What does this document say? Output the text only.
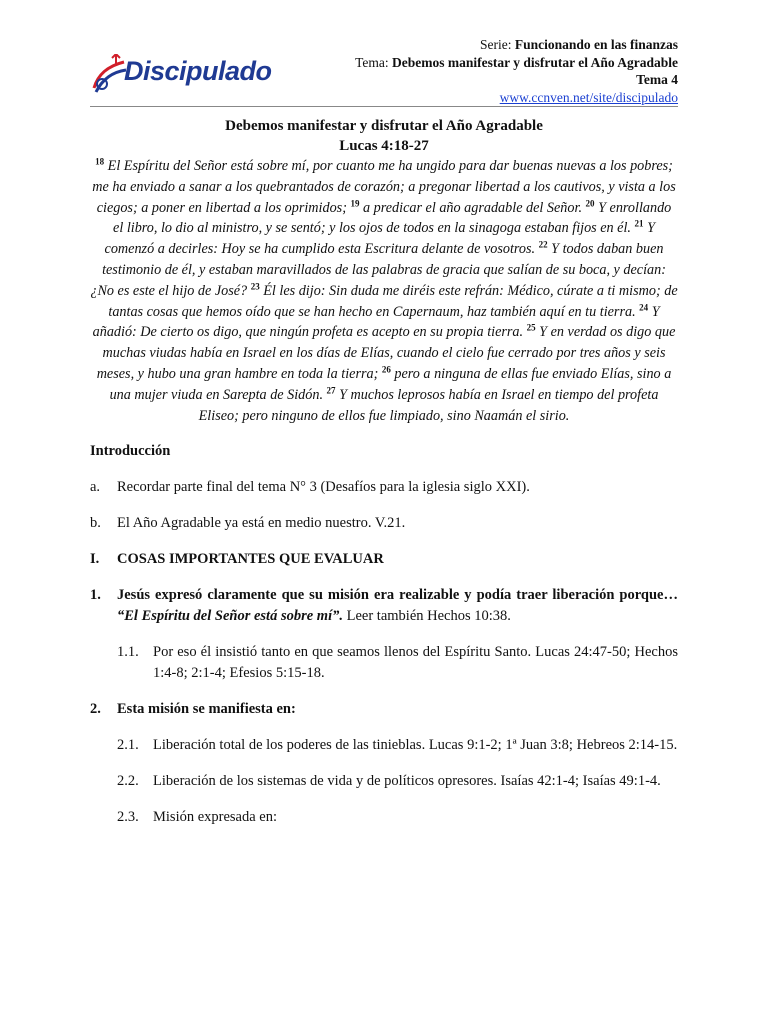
Discipulado
Serie: Funcionando en las finanzas
Tema: Debemos manifestar y disfrutar el Año Agradable
Tema 4
www.ccnven.net/site/discipulado
Debemos manifestar y disfrutar el Año Agradable
Lucas 4:18-27
$^{18}$ El Espíritu del Señor está sobre mí, por cuanto me ha ungido para dar buenas nuevas a los pobres; me ha enviado a sanar a los quebrantados de corazón; a pregonar libertad a los cautivos, y vista a los ciegos; a poner en libertad a los oprimidos; $^{19}$ a predicar el año agradable del Señor. $^{20}$ Y enrollando el libro, lo dio al ministro, y se sentó; y los ojos de todos en la sinagoga estaban fijos en él. $^{21}$ Y comenzó a decirles: Hoy se ha cumplido esta Escritura delante de vosotros. $^{22}$ Y todos daban buen testimonio de él, y estaban maravillados de las palabras de gracia que salían de su boca, y decían: ¿No es este el hijo de José? $^{23}$ Él les dijo: Sin duda me diréis este refrán: Médico, cúrate a ti mismo; de tantas cosas que hemos oído que se han hecho en Capernaum, haz también aquí en tu tierra. $^{24}$ Y añadió: De cierto os digo, que ningún profeta es acepto en su propia tierra. $^{25}$ Y en verdad os digo que muchas viudas había en Israel en los días de Elías, cuando el cielo fue cerrado por tres años y seis meses, y hubo una gran hambre en toda la tierra; $^{26}$ pero a ninguna de ellas fue enviado Elías, sino a una mujer viuda en Sarepta de Sidón. $^{27}$ Y muchos leprosos había en Israel en tiempo del profeta Eliseo; pero ninguno de ellos fue limpiado, sino Naamán el sirio.
Introducción
a.	Recordar parte final del tema N° 3 (Desafíos para la iglesia siglo XXI).
b.	El Año Agradable ya está en medio nuestro. V.21.
I.	COSAS IMPORTANTES QUE EVALUAR
1.	Jesús expresó claramente que su misión era realizable y podía traer liberación porque… “El Espíritu del Señor está sobre mí”. Leer también Hechos 10:38.
1.1. Por eso él insistió tanto en que seamos llenos del Espíritu Santo. Lucas 24:47-50; Hechos 1:4-8; 2:1-4; Efesios 5:15-18.
2.	Esta misión se manifiesta en:
2.1. Liberación total de los poderes de las tinieblas. Lucas 9:1-2; 1ª Juan 3:8; Hebreos 2:14-15.
2.2. Liberación de los sistemas de vida y de políticos opresores. Isaías 42:1-4; Isaías 49:1-4.
2.3. Misión expresada en:
